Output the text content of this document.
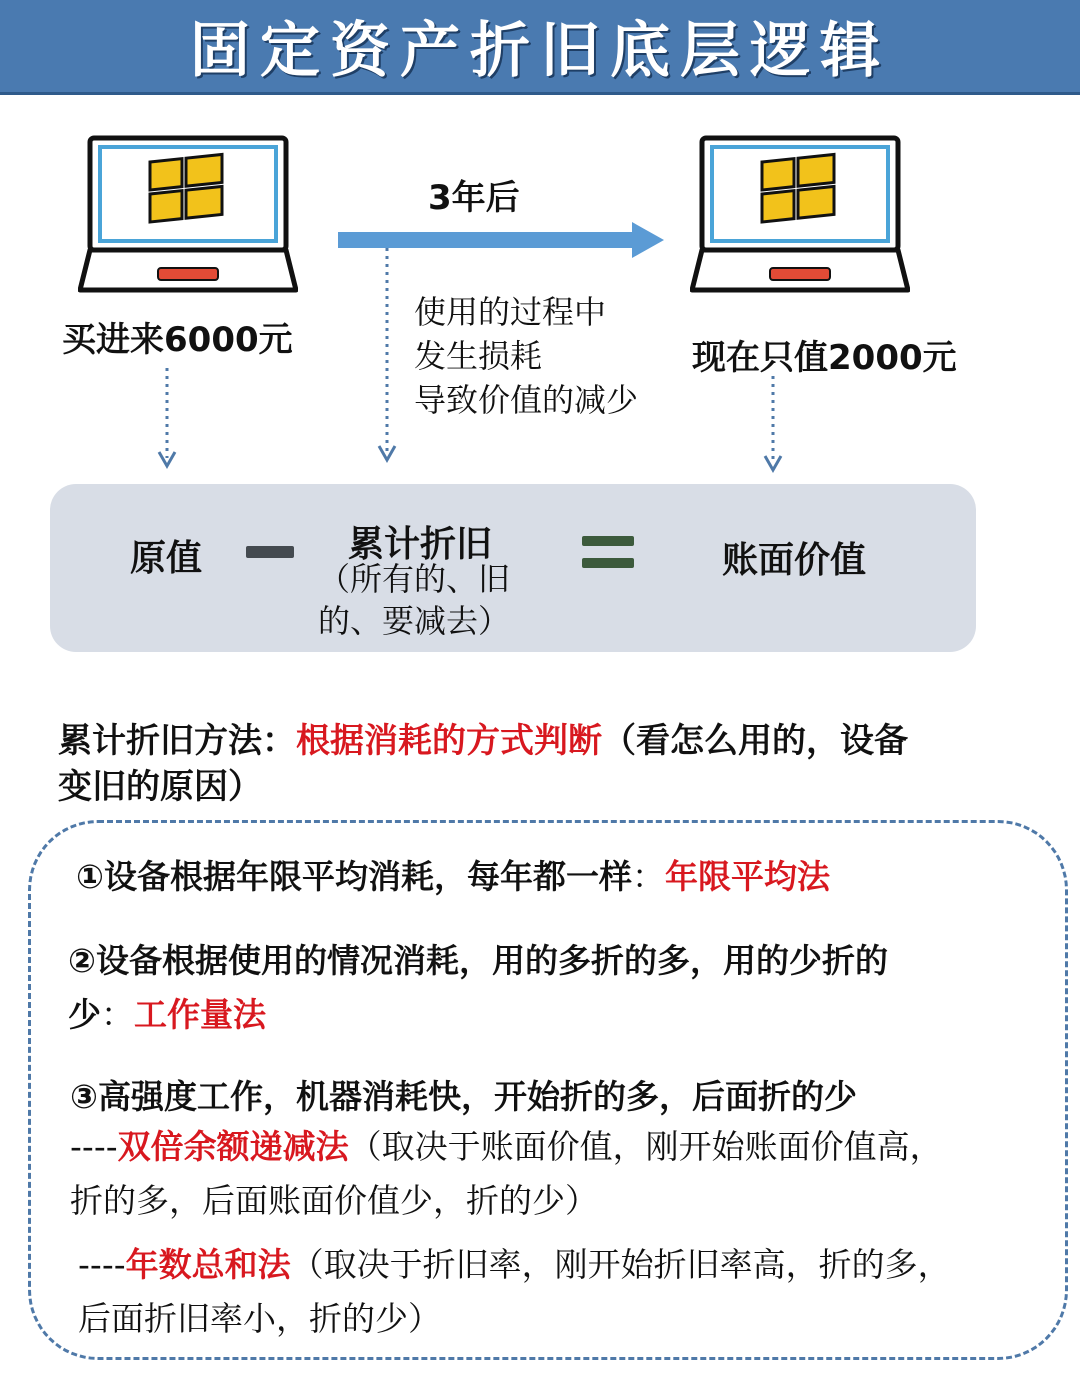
固定资产折旧底层逻辑
买进来6000元
3年后
使用的过程中
发生损耗
导致价值的减少
现在只值2000元
原值	累计折旧
（所有的、旧
的、要减去）
账面价值
累计折旧方法：根据消耗的方式判断（看怎么用的，设备
变旧的原因）
①设备根据年限平均消耗，每年都一样：年限平均法
②设备根据使用的情况消耗，用的多折的多，用的少折的
少：工作量法
③高强度工作，机器消耗快，开始折的多，后面折的少
----双倍余额递减法（取决于账面价值，刚开始账面价值高，
折的多，后面账面价值少，折的少）
----年数总和法（取决于折旧率，刚开始折旧率高，折的多，
后面折旧率小，折的少）
